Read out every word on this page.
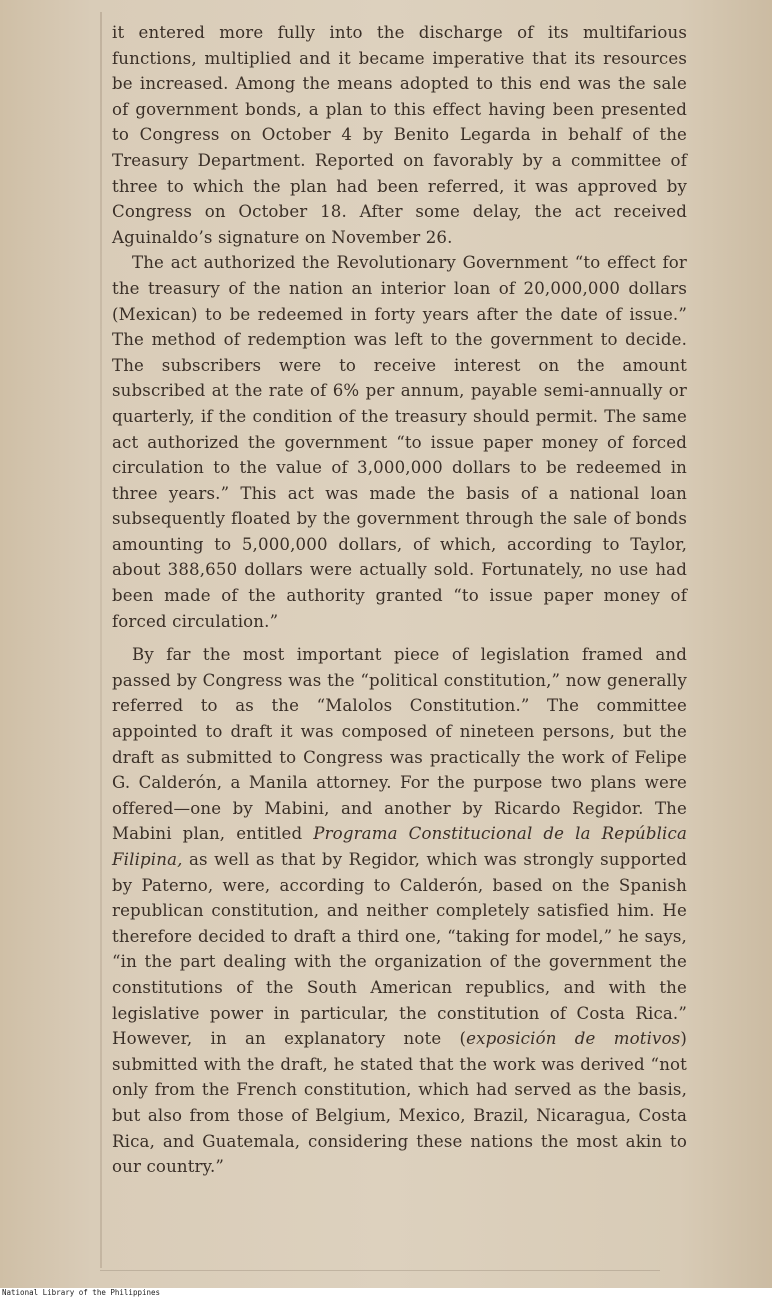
it entered more fully into the discharge of its multifarious functions, multiplied and it became imperative that its resources be increased. Among the means adopted to this end was the sale of government bonds, a plan to this effect having been presented to Congress on October 4 by Benito Legarda in behalf of the Treasury Department. Reported on favorably by a committee of three to which the plan had been referred, it was approved by Congress on October 18. After some delay, the act received Aguinaldo’s signature on November 26.

The act authorized the Revolutionary Government “to effect for the treasury of the nation an interior loan of 20,000,000 dollars (Mexican) to be redeemed in forty years after the date of issue.” The method of redemption was left to the government to decide. The subscribers were to receive interest on the amount subscribed at the rate of 6% per annum, payable semi-annually or quarterly, if the condition of the treasury should permit. The same act authorized the government “to issue paper money of forced circulation to the value of 3,000,000 dollars to be redeemed in three years.” This act was made the basis of a national loan subsequently floated by the government through the sale of bonds amounting to 5,000,000 dollars, of which, according to Taylor, about 388,650 dollars were actually sold. Fortunately, no use had been made of the authority granted “to issue paper money of forced circulation.”

By far the most important piece of legislation framed and passed by Congress was the “political constitution,” now generally referred to as the “Malolos Constitution.” The committee appointed to draft it was composed of nineteen persons, but the draft as submitted to Congress was practically the work of Felipe G. Calderón, a Manila attorney. For the purpose two plans were offered—one by Mabini, and another by Ricardo Regidor. The Mabini plan, entitled Programa Constitucional de la República Filipina, as well as that by Regidor, which was strongly supported by Paterno, were, according to Calderón, based on the Spanish republican constitution, and neither completely satisfied him. He therefore decided to draft a third one, “taking for model,” he says, “in the part dealing with the organization of the government the constitutions of the South American republics, and with the legislative power in particular, the constitution of Costa Rica.” However, in an explanatory note (exposición de motivos) submitted with the draft, he stated that the work was derived “not only from the French constitution, which had served as the basis, but also from those of Belgium, Mexico, Brazil, Nicaragua, Costa Rica, and Guatemala, considering these nations the most akin to our country.”

National Library of the Philippines
